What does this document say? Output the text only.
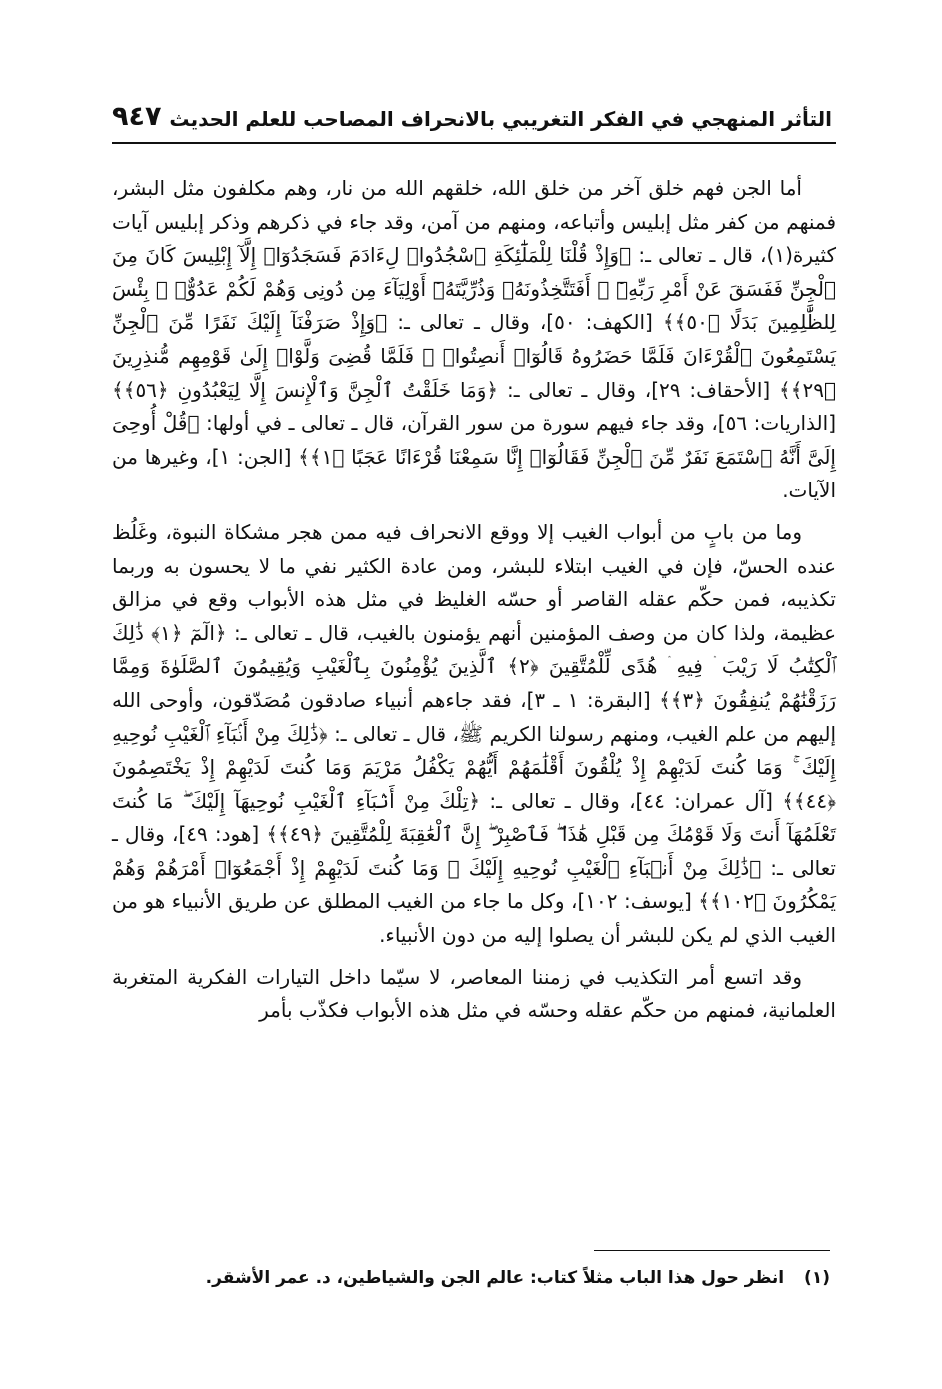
التأثر المنهجي في الفكر التغريبي بالانحراف المصاحب للعلم الحديث
٩٤٧

أما الجن فهم خلق آخر من خلق الله، خلقهم الله من نار، وهم مكلفون مثل البشر، فمنهم من كفر مثل إبليس وأتباعه، ومنهم من آمن، وقد جاء في ذكرهم وذكر إبليس آيات كثيرة(١)، قال ـ تعالى ـ: ﴿وَإِذْ قُلْنَا لِلْمَلَٰٓئِكَةِ ٱسْجُدُوا۟ لِءَادَمَ فَسَجَدُوٓا۟ إِلَّآ إِبْلِيسَ كَانَ مِنَ ٱلْجِنِّ فَفَسَقَ عَنْ أَمْرِ رَبِّهِۦٓ ۗ أَفَتَتَّخِذُونَهُۥ وَذُرِّيَّتَهُۥٓ أَوْلِيَآءَ مِن دُونِى وَهُمْ لَكُمْ عَدُوٌّۢ ۚ بِئْسَ لِلظَّٰلِمِينَ بَدَلًا ﴿٥٠﴾﴾ [الكهف: ٥٠]، وقال ـ تعالى ـ: ﴿وَإِذْ صَرَفْنَآ إِلَيْكَ نَفَرًا مِّنَ ٱلْجِنِّ يَسْتَمِعُونَ ٱلْقُرْءَانَ فَلَمَّا حَضَرُوهُ قَالُوٓا۟ أَنصِتُوا۟ ۖ فَلَمَّا قُضِىَ وَلَّوْا۟ إِلَىٰ قَوْمِهِم مُّنذِرِينَ ﴿٢٩﴾﴾ [الأحقاف: ٢٩]، وقال ـ تعالى ـ: ﴿وَمَا خَلَقْتُ ٱلْجِنَّ وَٱلْإِنسَ إِلَّا لِيَعْبُدُونِ ﴿٥٦﴾﴾ [الذاريات: ٥٦]، وقد جاء فيهم سورة من سور القرآن، قال ـ تعالى ـ في أولها: ﴿قُلْ أُوحِىَ إِلَىَّ أَنَّهُ ٱسْتَمَعَ نَفَرٌ مِّنَ ٱلْجِنِّ فَقَالُوٓا۟ إِنَّا سَمِعْنَا قُرْءَانًا عَجَبًا ﴿١﴾﴾ [الجن: ١]، وغيرها من الآيات.

وما من بابٍ من أبواب الغيب إلا ووقع الانحراف فيه ممن هجر مشكاة النبوة، وغَلُظ عنده الحسّ، فإن في الغيب ابتلاء للبشر، ومن عادة الكثير نفي ما لا يحسون به وربما تكذيبه، فمن حكّم عقله القاصر أو حسّه الغليظ في مثل هذه الأبواب وقع في مزالق عظيمة، ولذا كان من وصف المؤمنين أنهم يؤمنون بالغيب، قال ـ تعالى ـ: ﴿الٓمٓ ﴿١﴾ ذَٰلِكَ ٱلْكِتَٰبُ لَا رَيْبَ ۛ فِيهِ ۛ هُدًى لِّلْمُتَّقِينَ ﴿٢﴾ ٱلَّذِينَ يُؤْمِنُونَ بِٱلْغَيْبِ وَيُقِيمُونَ ٱلصَّلَوٰةَ وَمِمَّا رَزَقْنَٰهُمْ يُنفِقُونَ ﴿٣﴾﴾ [البقرة: ١ ـ ٣]، فقد جاءهم أنبياء صادقون مُصَدّقون، وأوحى الله إليهم من علم الغيب، ومنهم رسولنا الكريم ﷺ، قال ـ تعالى ـ: ﴿ذَٰلِكَ مِنْ أَنۢبَآءِ ٱلْغَيْبِ نُوحِيهِ إِلَيْكَ ۚ وَمَا كُنتَ لَدَيْهِمْ إِذْ يُلْقُونَ أَقْلَٰمَهُمْ أَيُّهُمْ يَكْفُلُ مَرْيَمَ وَمَا كُنتَ لَدَيْهِمْ إِذْ يَخْتَصِمُونَ ﴿٤٤﴾﴾ [آل عمران: ٤٤]، وقال ـ تعالى ـ: ﴿تِلْكَ مِنْ أَنۢبَآءِ ٱلْغَيْبِ نُوحِيهَآ إِلَيْكَ ۖ مَا كُنتَ تَعْلَمُهَآ أَنتَ وَلَا قَوْمُكَ مِن قَبْلِ هَٰذَا ۖ فَٱصْبِرْ ۖ إِنَّ ٱلْعَٰقِبَةَ لِلْمُتَّقِينَ ﴿٤٩﴾﴾ [هود: ٤٩]، وقال ـ تعالى ـ: ﴿ذَٰلِكَ مِنْ أَنۢبَآءِ ٱلْغَيْبِ نُوحِيهِ إِلَيْكَ ۖ وَمَا كُنتَ لَدَيْهِمْ إِذْ أَجْمَعُوٓا۟ أَمْرَهُمْ وَهُمْ يَمْكُرُونَ ﴿١٠٢﴾﴾ [يوسف: ١٠٢]، وكل ما جاء من الغيب المطلق عن طريق الأنبياء هو من الغيب الذي لم يكن للبشر أن يصلوا إليه من دون الأنبياء.

وقد اتسع أمر التكذيب في زمننا المعاصر، لا سيّما داخل التيارات الفكرية المتغربة العلمانية، فمنهم من حكّم عقله وحسّه في مثل هذه الأبواب فكذّب بأمر

(١) انظر حول هذا الباب مثلاً كتاب: عالم الجن والشياطين، د. عمر الأشقر.
